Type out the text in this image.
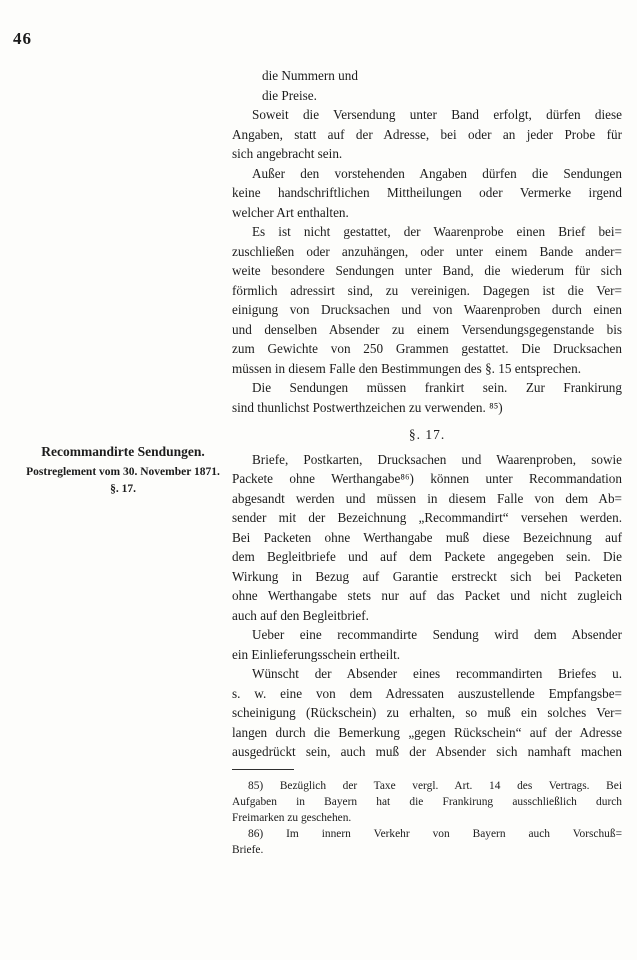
46
Recommandirte Sendungen.
Postreglement vom 30. November 1871.
§. 17.
die Nummern und
die Preise.
Soweit die Versendung unter Band erfolgt, dürfen diese
Angaben, statt auf der Adresse, bei oder an jeder Probe für
sich angebracht sein.
Außer den vorstehenden Angaben dürfen die Sendungen
keine handschriftlichen Mittheilungen oder Vermerke irgend
welcher Art enthalten.
Es ist nicht gestattet, der Waarenprobe einen Brief bei=
zuschließen oder anzuhängen, oder unter einem Bande ander=
weite besondere Sendungen unter Band, die wiederum für sich
förmlich adressirt sind, zu vereinigen. Dagegen ist die Ver=
einigung von Drucksachen und von Waarenproben durch einen
und denselben Absender zu einem Versendungsgegenstande bis
zum Gewichte von 250 Grammen gestattet. Die Drucksachen
müssen in diesem Falle den Bestimmungen des §. 15 entsprechen.
Die Sendungen müssen frankirt sein. Zur Frankirung
sind thunlichst Postwerthzeichen zu verwenden. ⁸⁵)
§. 17.
Briefe, Postkarten, Drucksachen und Waarenproben, sowie
Packete ohne Werthangabe⁸⁶) können unter Recommandation
abgesandt werden und müssen in diesem Falle von dem Ab=
sender mit der Bezeichnung „Recommandirt“ versehen werden.
Bei Packeten ohne Werthangabe muß diese Bezeichnung auf
dem Begleitbriefe und auf dem Packete angegeben sein. Die
Wirkung in Bezug auf Garantie erstreckt sich bei Packeten
ohne Werthangabe stets nur auf das Packet und nicht zugleich
auch auf den Begleitbrief.
Ueber eine recommandirte Sendung wird dem Absender
ein Einlieferungsschein ertheilt.
Wünscht der Absender eines recommandirten Briefes u.
s. w. eine von dem Adressaten auszustellende Empfangsbe=
scheinigung (Rückschein) zu erhalten, so muß ein solches Ver=
langen durch die Bemerkung „gegen Rückschein“ auf der Adresse
ausgedrückt sein, auch muß der Absender sich namhaft machen
85) Bezüglich der Taxe vergl. Art. 14 des Vertrags. Bei
Aufgaben in Bayern hat die Frankirung ausschließlich durch
Freimarken zu geschehen.
86) Im innern Verkehr von Bayern auch Vorschuß=
Briefe.
